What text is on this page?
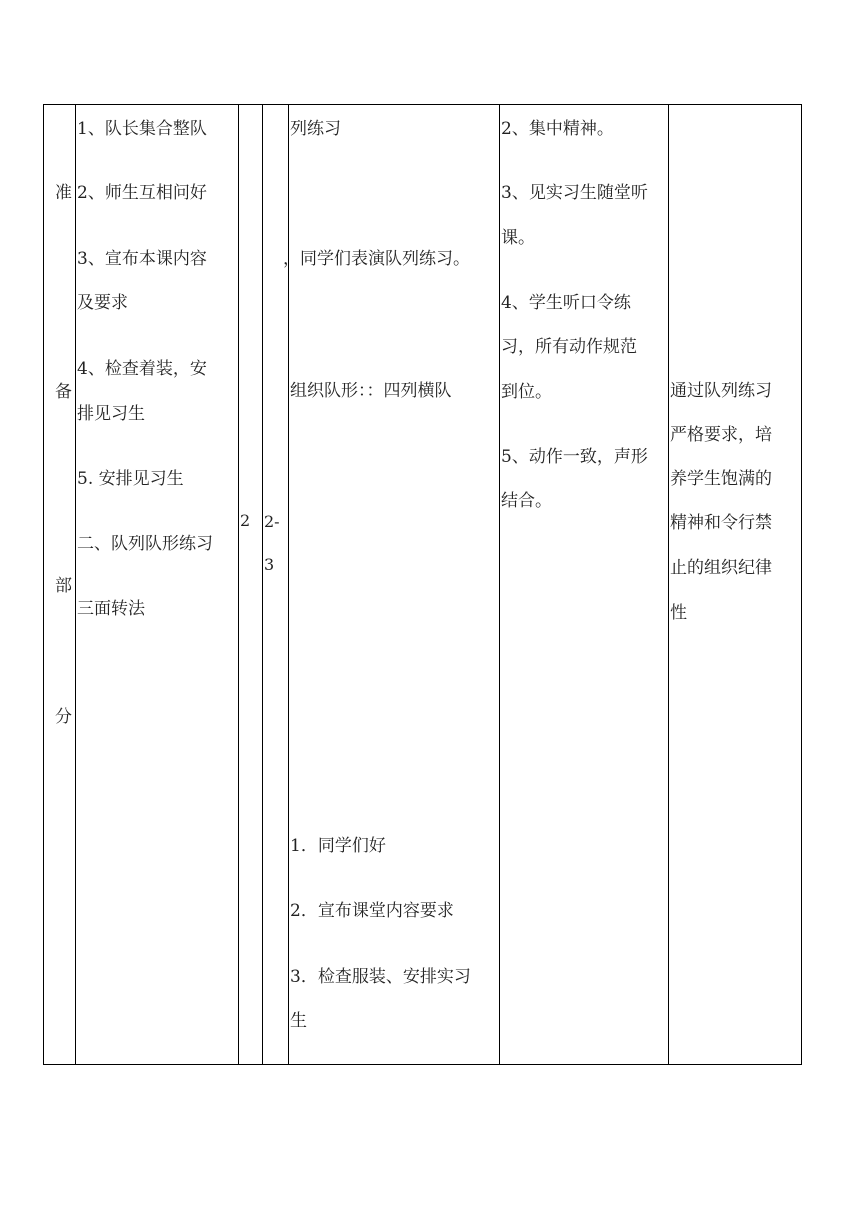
准
备
部
分
1、队长集合整队
2、师生互相问好
3、宣布本课内容
及要求
4、检查着装，安
排见习生
5. 安排见习生
二、队列队形练习
三面转法
2 2-
3
列练习
，同学们表演队列练习。
组织队形：：四列横队
1．同学们好
2．宣布课堂内容要求
3．检查服装、安排实习
生
2、集中精神。
3、见实习生随堂听
课。
4、学生听口令练
习，所有动作规范
到位。
5、动作一致，声形
结合。
通过队列练习
严格要求，培
养学生饱满的
精神和令行禁
止的组织纪律
性
